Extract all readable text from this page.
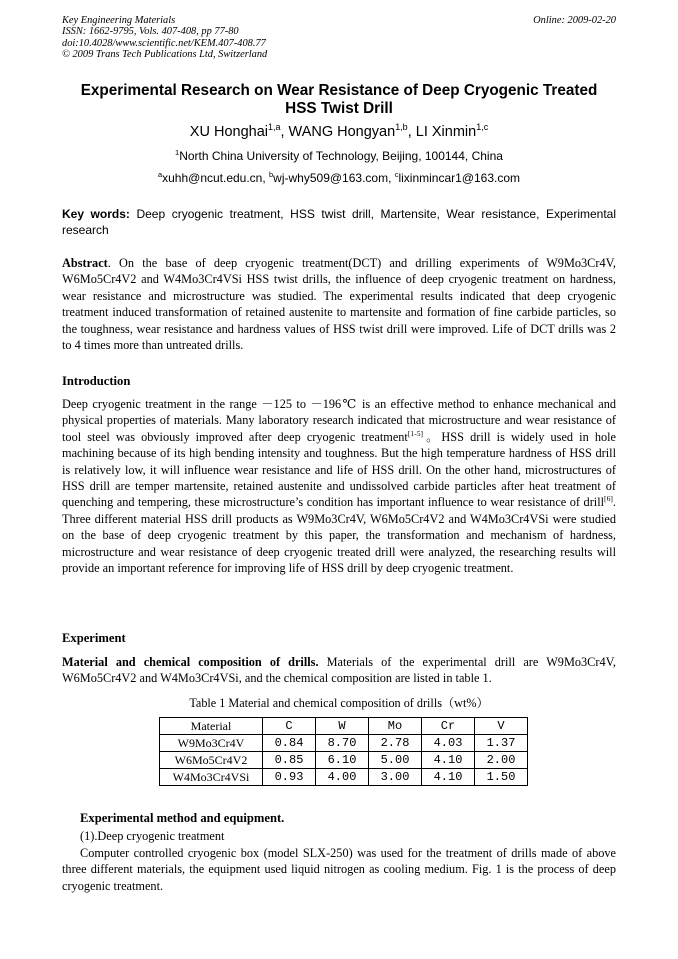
Key Engineering Materials
ISSN: 1662-9795, Vols. 407-408, pp 77-80
doi:10.4028/www.scientific.net/KEM.407-408.77
© 2009 Trans Tech Publications Ltd, Switzerland
Online: 2009-02-20
Experimental Research on Wear Resistance of Deep Cryogenic Treated
HSS Twist Drill
XU Honghai$^{1,a}$, WANG Hongyan$^{1,b}$, LI Xinmin$^{1,c}$
$^1$North China University of Technology, Beijing, 100144, China
$^a$xuhh@ncut.edu.cn, $^b$wj-why509@163.com, $^c$lixinmincar1@163.com
Key words: Deep cryogenic treatment, HSS twist drill, Martensite, Wear resistance, Experimental research
Abstract. On the base of deep cryogenic treatment(DCT) and drilling experiments of W9Mo3Cr4V, W6Mo5Cr4V2 and W4Mo3Cr4VSi HSS twist drills, the influence of deep cryogenic treatment on hardness, wear resistance and microstructure was studied. The experimental results indicated that deep cryogenic treatment induced transformation of retained austenite to martensite and formation of fine carbide particles, so the toughness, wear resistance and hardness values of HSS twist drill were improved. Life of DCT drills was 2 to 4 times more than untreated drills.
Introduction
Deep cryogenic treatment in the range －125 to －196℃ is an effective method to enhance mechanical and physical properties of materials. Many laboratory research indicated that microstructure and wear resistance of tool steel was obviously improved after deep cryogenic treatment[1-5]。HSS drill is widely used in hole machining because of its high bending intensity and toughness. But the high temperature hardness of HSS drill is relatively low, it will influence wear resistance and life of HSS drill. On the other hand, microstructures of HSS drill are temper martensite, retained austenite and undissolved carbide particles after heat treatment of quenching and tempering, these microstructure’s condition has important influence to wear resistance of drill[6]. Three different material HSS drill products as W9Mo3Cr4V, W6Mo5Cr4V2 and W4Mo3Cr4VSi were studied on the base of deep cryogenic treatment by this paper, the transformation and mechanism of hardness, microstructure and wear resistance of deep cryogenic treated drill were analyzed, the researching results will provide an important reference for improving life of HSS drill by deep cryogenic treatment.
Experiment
Material and chemical composition of drills. Materials of the experimental drill are W9Mo3Cr4V, W6Mo5Cr4V2 and W4Mo3Cr4VSi, and the chemical composition are listed in table 1.
Table 1 Material and chemical composition of drills（wt%）
Material	C	W	Mo	Cr	V
W9Mo3Cr4V	0.84	8.70	2.78	4.03	1.37
W6Mo5Cr4V2	0.85	6.10	5.00	4.10	2.00
W4Mo3Cr4VSi	0.93	4.00	3.00	4.10	1.50
Experimental method and equipment.
(1).Deep cryogenic treatment
Computer controlled cryogenic box (model SLX-250) was used for the treatment of drills made of above three different materials, the equipment used liquid nitrogen as cooling medium. Fig. 1 is the process of deep cryogenic treatment.
